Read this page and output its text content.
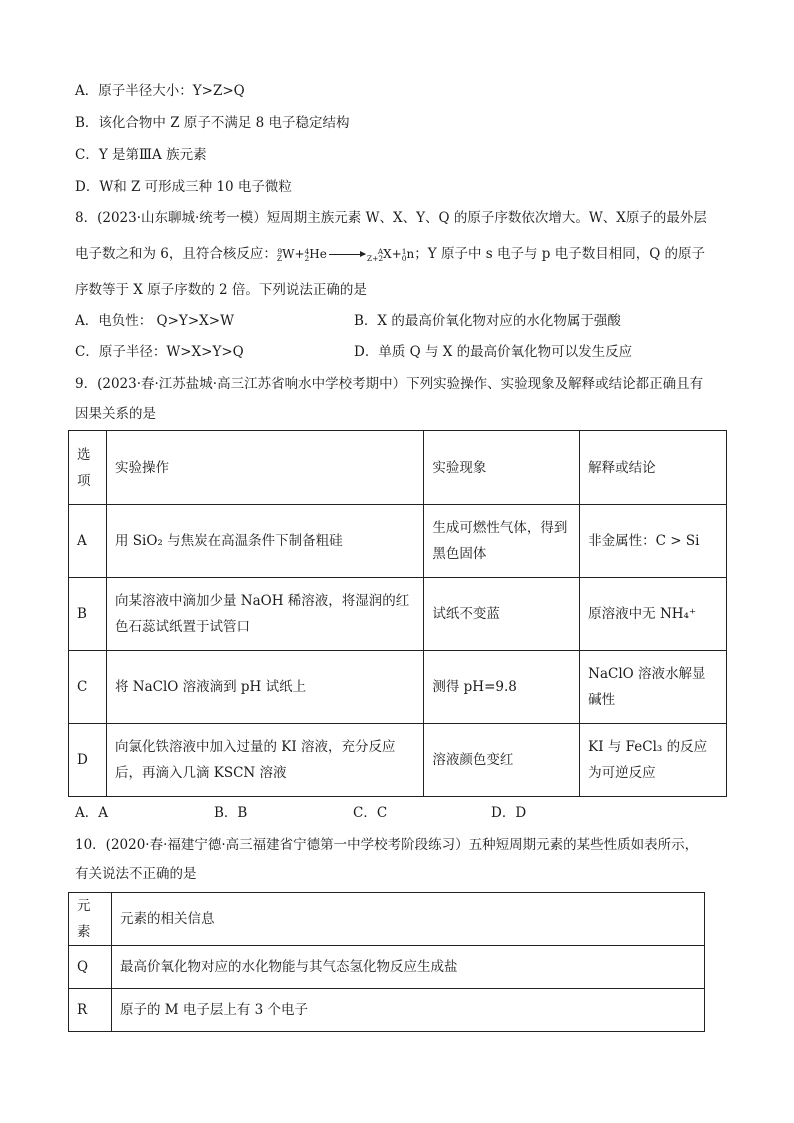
A．原子半径大小：Y>Z>Q
B．该化合物中 Z 原子不满足 8 电子稳定结构
C．Y 是第ⅢA 族元素
D．W和 Z 可形成三种 10 电子微粒
8．(2023·山东聊城·统考一模）短周期主族元素 W、X、Y、Q 的原子序数依次增大。W、X原子的最外层
电子数之和为 6，且符合核反应： 9
Z W+ 4
2 He →	A
Z+2 X+ 1
0 n；Y 原子中 s 电子与 p 电子数目相同，Q 的原子
序数等于 X 原子序数的 2 倍。下列说法正确的是
A．电负性： Q>Y>X>W	B．X 的最高价氧化物对应的水化物属于强酸
C．原子半径：W>X>Y>Q	D．单质 Q 与 X 的最高价氧化物可以发生反应
9．(2023·春·江苏盐城·高三江苏省响水中学校考期中）下列实验操作、实验现象及解释或结论都正确且有
因果关系的是
选项	实验操作	实验现象	解释或结论
A	用 SiO₂ 与焦炭在高温条件下制备粗硅	生成可燃性气体，得到黑色固体	非金属性：C > Si
B	向某溶液中滴加少量 NaOH 稀溶液，将湿润的红色石蕊试纸置于试管口	试纸不变蓝	原溶液中无 NH₄⁺
C	将 NaClO 溶液滴到 pH 试纸上	测得 pH=9.8	NaClO 溶液水解显碱性
D	向氯化铁溶液中加入过量的 KI 溶液，充分反应后，再滴入几滴 KSCN 溶液	溶液颜色变红	KI 与 FeCl₃ 的反应为可逆反应
A．A	B．B	C．C	D．D
10．(2020·春·福建宁德·高三福建省宁德第一中学校考阶段练习）五种短周期元素的某些性质如表所示，
有关说法不正确的是
元素	元素的相关信息
Q	最高价氧化物对应的水化物能与其气态氢化物反应生成盐
R	原子的 M 电子层上有 3 个电子
